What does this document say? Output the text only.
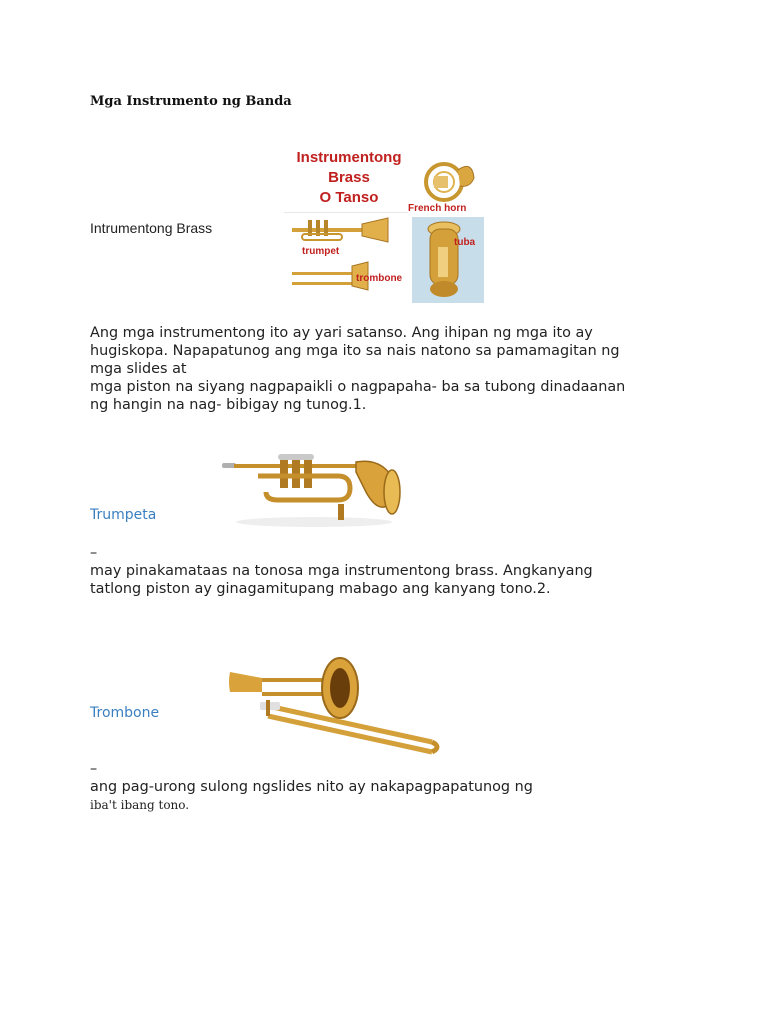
Mga Instrumento ng Banda
Intrumentong Brass
Instrumentong
Brass
O Tanso
French horn
trumpet
trombone
tuba

Ang mga instrumentong ito ay yari satanso. Ang ihipan ng mga ito ay

hugiskopa. Napapatunog ang mga ito sa nais natono sa pamamagitan ng

mga slides at

mga piston na siyang nagpapaikli o nagpapaha- ba sa tubong dinadaanan

ng hangin na nag- bibigay ng tunog.1.

Trumpeta

–

may pinakamataas na tonosa mga instrumentong brass. Angkanyang

tatlong piston ay ginagamitupang mabago ang kanyang tono.2.

Trombone

–

ang pag-urong sulong ngslides nito ay nakapagpapatunog ng

iba't ibang tono.
